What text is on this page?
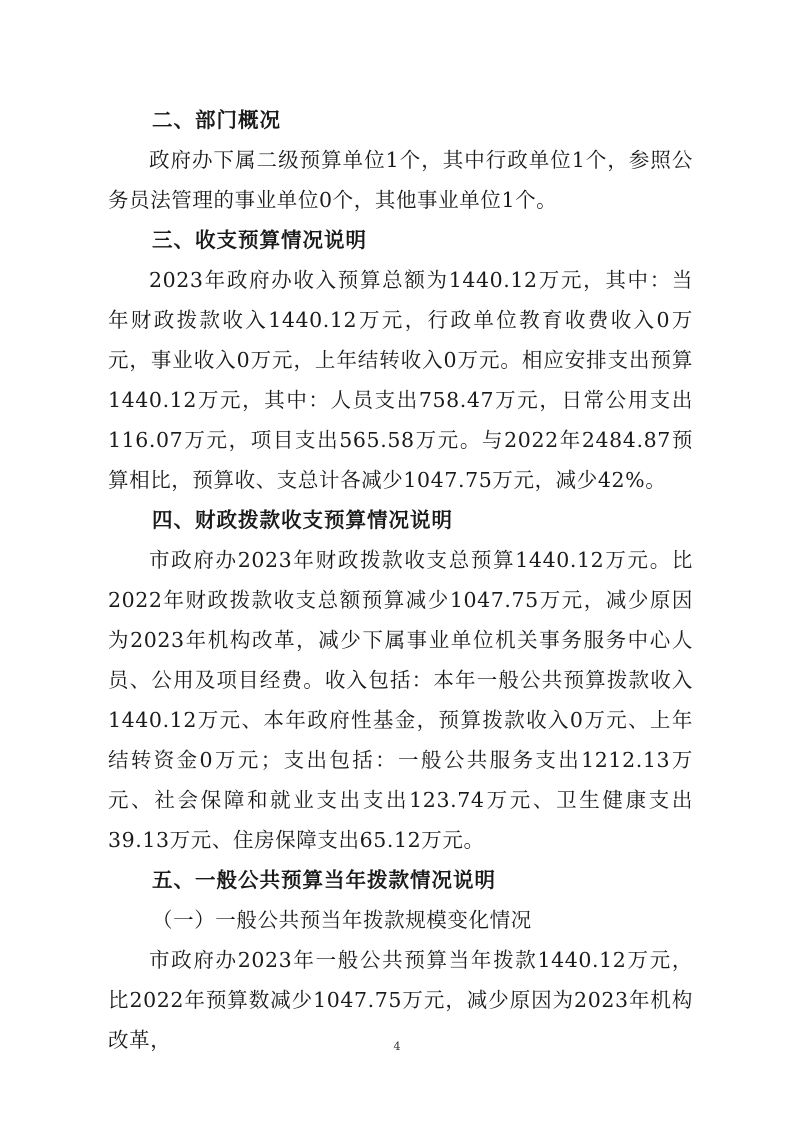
二、部门概况

政府办下属二级预算单位1个，其中行政单位1个，参照公务员法管理的事业单位0个，其他事业单位1个。

三、收支预算情况说明

2023年政府办收入预算总额为1440.12万元，其中：当年财政拨款收入1440.12万元，行政单位教育收费收入0万元，事业收入0万元，上年结转收入0万元。相应安排支出预算1440.12万元，其中：人员支出758.47万元，日常公用支出116.07万元，项目支出565.58万元。与2022年2484.87预算相比，预算收、支总计各减少1047.75万元，减少42%。

四、财政拨款收支预算情况说明

市政府办2023年财政拨款收支总预算1440.12万元。比2022年财政拨款收支总额预算减少1047.75万元，减少原因为2023年机构改革，减少下属事业单位机关事务服务中心人员、公用及项目经费。收入包括：本年一般公共预算拨款收入1440.12万元、本年政府性基金，预算拨款收入0万元、上年结转资金0万元；支出包括：一般公共服务支出1212.13万元、社会保障和就业支出支出123.74万元、卫生健康支出39.13万元、住房保障支出65.12万元。

五、一般公共预算当年拨款情况说明

（一）一般公共预当年拨款规模变化情况

市政府办2023年一般公共预算当年拨款1440.12万元，比2022年预算数减少1047.75万元，减少原因为2023年机构改革，	4
